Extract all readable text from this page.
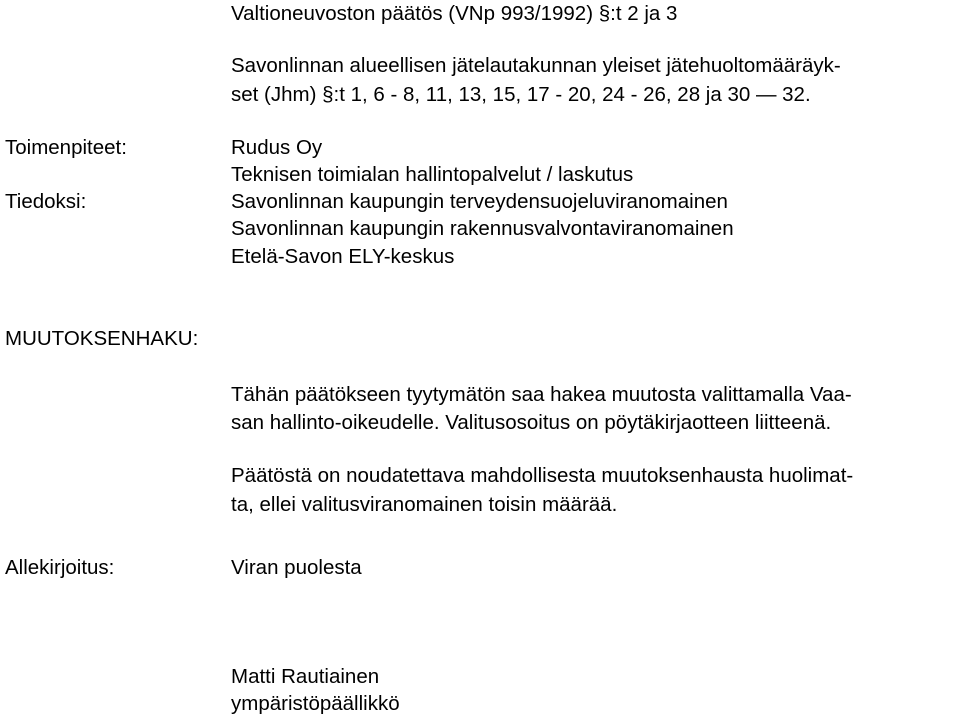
Valtioneuvoston päätös (VNp 993/1992) §:t 2 ja 3
Savonlinnan alueellisen jätelautakunnan yleiset jätehuoltomääräyk-
set (Jhm) §:t 1, 6 - 8, 11, 13, 15, 17 - 20, 24 - 26, 28 ja 30 — 32.
Toimenpiteet:
Tiedoksi:
Rudus Oy
Teknisen toimialan hallintopalvelut / laskutus
Savonlinnan kaupungin terveydensuojeluviranomainen
Savonlinnan kaupungin rakennusvalvontaviranomainen
Etelä-Savon ELY-keskus
MUUTOKSENHAKU:
Tähän päätökseen tyytymätön saa hakea muutosta valittamalla Vaa-
san hallinto-oikeudelle. Valitusosoitus on pöytäkirjaotteen liitteenä.
Päätöstä on noudatettava mahdollisesta muutoksenhausta huolimat-
ta, ellei valitusviranomainen toisin määrää.
Allekirjoitus:	Viran puolesta
Matti Rautiainen
ympäristöpäällikkö
